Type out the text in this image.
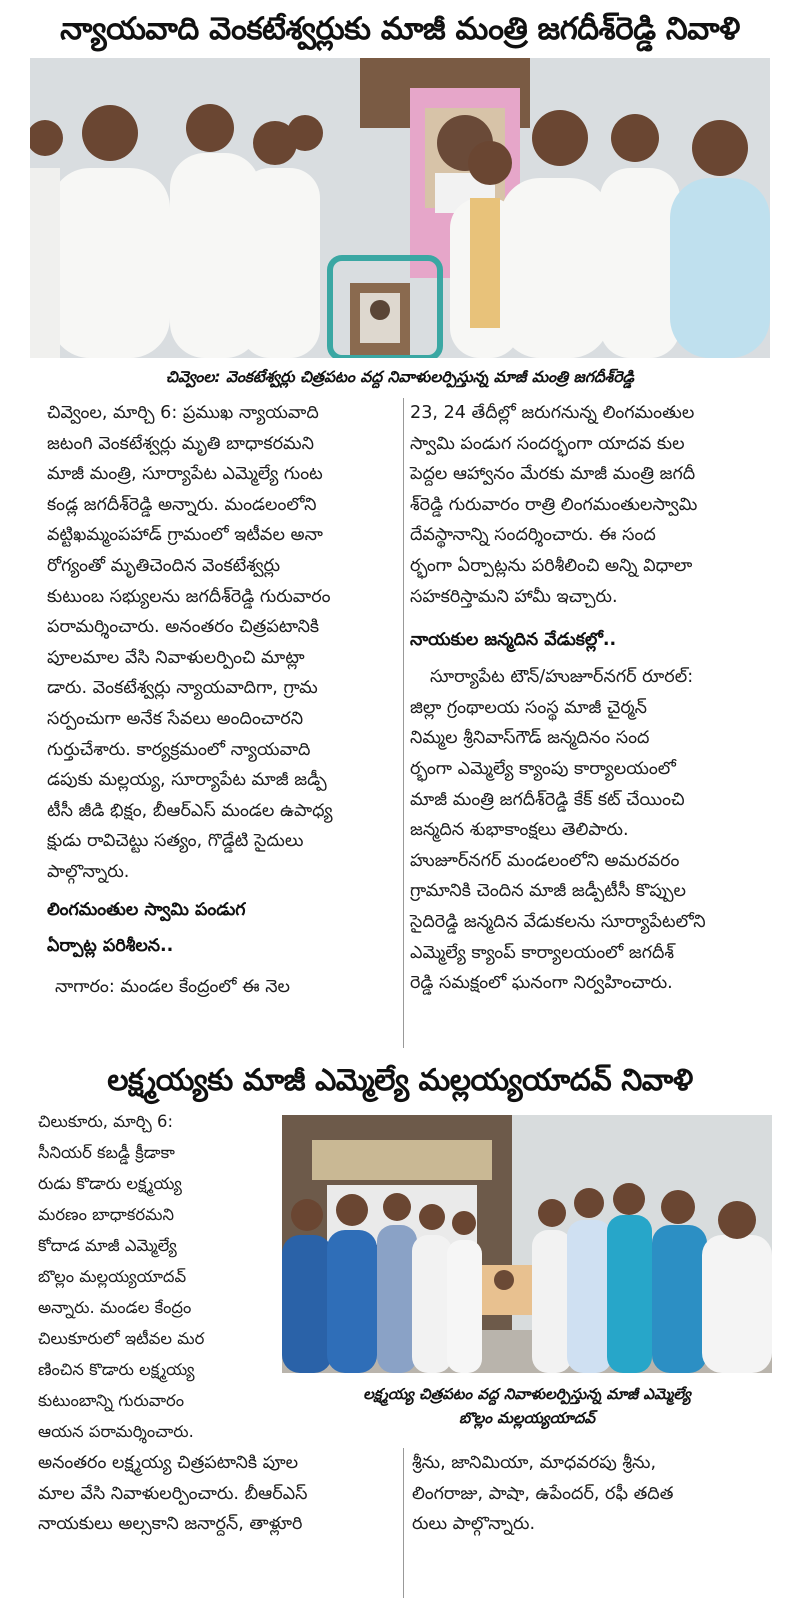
న్యాయవాది వెంకటేశ్వర్లుకు మాజీ మంత్రి జగదీశ్‌రెడ్డి నివాళి
చివ్వెంల: వెంకటేశ్వర్లు చిత్రపటం వద్ద నివాళులర్పిస్తున్న మాజీ మంత్రి జగదీశ్‌రెడ్డి

చివ్వెంల, మార్చి 6: ప్రముఖ న్యాయవాది

జటంగి వెంకటేశ్వర్లు మృతి బాధాకరమని

మాజీ మంత్రి, సూర్యాపేట ఎమ్మెల్యే గుంట

కండ్ల జగదీశ్‌రెడ్డి అన్నారు. మండలంలోని

వట్టిఖమ్మంపహాడ్ గ్రామంలో ఇటీవల అనా

రోగ్యంతో మృతిచెందిన వెంకటేశ్వర్లు

కుటుంబ సభ్యులను జగదీశ్‌రెడ్డి గురువారం

పరామర్శించారు. అనంతరం చిత్రపటానికి

పూలమాల వేసి నివాళులర్పించి మాట్లా

డారు. వెంకటేశ్వర్లు న్యాయవాదిగా, గ్రామ

సర్పంచుగా అనేక సేవలు అందించారని

గుర్తుచేశారు. కార్యక్రమంలో న్యాయవాది

డపుకు మల్లయ్య, సూర్యాపేట మాజీ జడ్పీ

టీసీ జీడి భిక్షం, బీఆర్ఎస్ మండల ఉపాధ్య

క్షుడు రావిచెట్టు సత్యం, గొడ్డేటి సైదులు

పాల్గొన్నారు.

లింగమంతుల స్వామి పండుగ
ఏర్పాట్ల పరిశీలన..

నాగారం: మండల కేంద్రంలో ఈ నెల

23, 24 తేదీల్లో జరుగనున్న లింగమంతుల

స్వామి పండుగ సందర్భంగా యాదవ కుల

పెద్దల ఆహ్వానం మేరకు మాజీ మంత్రి జగదీ

శ్‌రెడ్డి గురువారం రాత్రి లింగమంతులస్వామి

దేవస్థానాన్ని సందర్శించారు. ఈ సంద

ర్భంగా ఏర్పాట్లను పరిశీలించి అన్ని విధాలా

సహకరిస్తామని హామీ ఇచ్చారు.

నాయకుల జన్మదిన వేడుకల్లో..

సూర్యాపేట టౌన్/హుజూర్‌నగర్ రూరల్:

జిల్లా గ్రంథాలయ సంస్థ మాజీ చైర్మన్

నిమ్మల శ్రీనివాస్‌గౌడ్ జన్మదినం సంద

ర్భంగా ఎమ్మెల్యే క్యాంపు కార్యాలయంలో

మాజీ మంత్రి జగదీశ్‌రెడ్డి కేక్ కట్ చేయించి

జన్మదిన శుభాకాంక్షలు తెలిపారు.

హుజూర్‌నగర్ మండలంలోని అమరవరం

గ్రామానికి చెందిన మాజీ జడ్పీటీసీ కొప్పుల

సైదిరెడ్డి జన్మదిన వేడుకలను సూర్యాపేటలోని

ఎమ్మెల్యే క్యాంప్ కార్యాలయంలో జగదీశ్

రెడ్డి సమక్షంలో ఘనంగా నిర్వహించారు.

లక్ష్మయ్యకు మాజీ ఎమ్మెల్యే మల్లయ్యయాదవ్ నివాళి

చిలుకూరు, మార్చి 6:

సీనియర్ కబడ్డీ క్రీడాకా

రుడు కొడారు లక్ష్మయ్య

మరణం బాధాకరమని

కోదాడ మాజీ ఎమ్మెల్యే

బొల్లం మల్లయ్యయాదవ్

అన్నారు. మండల కేంద్రం

చిలుకూరులో ఇటీవల మర

ణించిన కొడారు లక్ష్మయ్య

కుటుంబాన్ని గురువారం

ఆయన పరామర్శించారు.

లక్ష్మయ్య చిత్రపటం వద్ద నివాళులర్పిస్తున్న మాజీ ఎమ్మెల్యే
బొల్లం మల్లయ్యయాదవ్

అనంతరం లక్ష్మయ్య చిత్రపటానికి పూల

మాల వేసి నివాళులర్పించారు. బీఆర్ఎస్

నాయకులు అల్సకాని జనార్దన్, తాళ్లూరి

శ్రీను, జానిమియా, మాధవరపు శ్రీను,

లింగరాజు, పాషా, ఉపేందర్, రఫీ తదిత

రులు పాల్గొన్నారు.
